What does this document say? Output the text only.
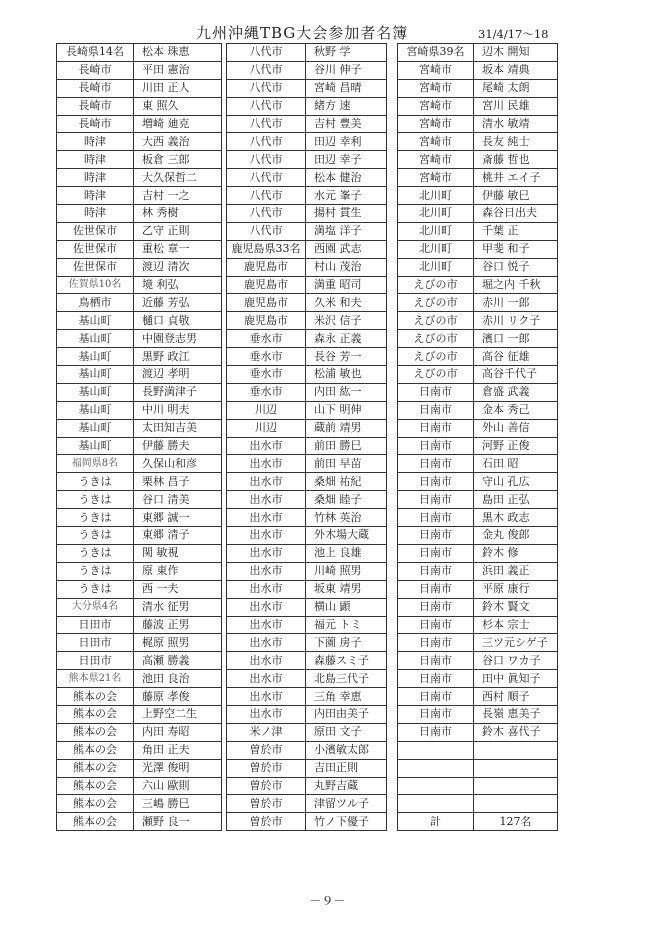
九州沖縄TBG大会参加者名簿	31/4/17～18
長崎県14名	松本 珠恵
長崎市	平田 憲治
長崎市	川田 正人
長崎市	東 照久
長崎市	増崎 廸克
時津	大西 義治
時津	板倉 三郎
時津	大久保哲二
時津	吉村 一之
時津	林 秀樹
佐世保市	乙守 正則
佐世保市	重松 章一
佐世保市	渡辺 清次
佐賀県10名	境 利弘
鳥栖市	近藤 芳弘
基山町	樋口 貞敬
基山町	中園登志男
基山町	黒野 政江
基山町	渡辺 孝明
基山町	長野満津子
基山町	中川 明夫
基山町	太田知吉美
基山町	伊藤 勝夫
福岡県8名	久保山和彦
うきは	栗林 昌子
うきは	谷口 清美
うきは	東郷 誠一
うきは	東郷 清子
うきは	関 敏視
うきは	原 東作
うきは	西 一夫
大分県4名	清水 征男
日田市	藤波 正男
日田市	梶原 照男
日田市	高瀬 勝義
熊本県21名	池田 良治
熊本の会	藤原 孝俊
熊本の会	上野空二生
熊本の会	内田 寿昭
熊本の会	角田 正夫
熊本の会	光澤 俊明
熊本の会	六山 歐則
熊本の会	三嶋 勝巳
熊本の会	瀬野 良一
八代市	秋野 学
八代市	谷川 伸子
八代市	宮崎 昌晴
八代市	緒方 速
八代市	吉村 豊美
八代市	田辺 幸利
八代市	田辺 幸子
八代市	松本 健治
八代市	水元 峯子
八代市	揚村 貫生
八代市	満塩 洋子
鹿児島県33名	西園 武志
鹿児島市	村山 茂治
鹿児島市	満重 昭司
鹿児島市	久米 和夫
鹿児島市	米沢 信子
垂水市	森永 正義
垂水市	長谷 芳一
垂水市	松浦 敏也
垂水市	内田 紘一
川辺	山下 明伸
川辺	蔵前 靖男
出水市	前田 勝巳
出水市	前田 早苗
出水市	桑畑 祐紀
出水市	桑畑 睦子
出水市	竹林 英治
出水市	外木場大蔵
出水市	池上 良雄
出水市	川崎 照男
出水市	坂東 靖男
出水市	横山 顕
出水市	福元 トミ
出水市	下薗 房子
出水市	森藤スミ子
出水市	北島三代子
出水市	三角 幸恵
出水市	内田由美子
米ノ津	原田 文子
曽於市	小濱敏太郎
曽於市	吉田正則
曽於市	丸野吉蔵
曽於市	津留ツル子
曽於市	竹ノ下優子
宮崎県39名	辺木 開知
宮崎市	坂本 靖典
宮崎市	尾崎 太朗
宮崎市	宮川 民雄
宮崎市	清水 敏靖
宮崎市	長友 純士
宮崎市	斎藤 哲也
宮崎市	桃井 エイ子
北川町	伊藤 敏巳
北川町	森谷日出夫
北川町	千葉 正
北川町	甲斐 和子
北川町	谷口 悦子
えびの市	堀之内 千秋
えびの市	赤川 一郎
えびの市	赤川 リク子
えびの市	濱口 一郎
えびの市	高谷 征雄
えびの市	高谷千代子
日南市	倉盛 武義
日南市	金本 秀己
日南市	外山 善信
日南市	河野 正俊
日南市	石田 昭
日南市	守山 孔広
日南市	島田 正弘
日南市	黒木 政志
日南市	金丸 俊郎
日南市	鈴木 修
日南市	浜田 義正
日南市	平原 康行
日南市	鈴木 賢文
日南市	杉本 宗士
日南市	三ツ元シゲ子
日南市	谷口 ワカ子
日南市	田中 眞知子
日南市	西村 順子
日南市	長嶺 恵美子
日南市	鈴木 喜代子

計	127名
－９－
